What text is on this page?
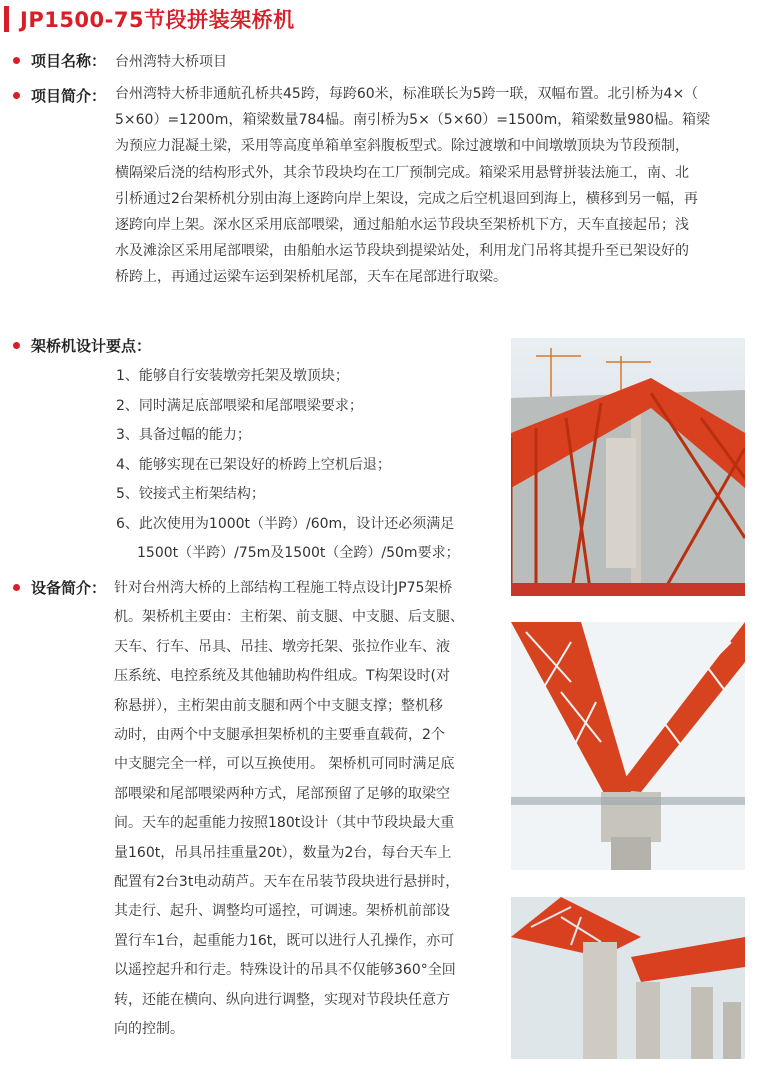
JP1500-75节段拼装架桥机
项目名称： 台州湾特大桥项目
项目简介： 台州湾特大桥非通航孔桥共45跨，每跨60米，标准联长为5跨一联，双幅布置。北引桥为4×（
5×60）=1200m，箱梁数量784榀。南引桥为5×（5×60）=1500m，箱梁数量980榀。箱梁
为预应力混凝土梁，采用等高度单箱单室斜腹板型式。除过渡墩和中间墩墩顶块为节段预制，
横隔梁后浇的结构形式外，其余节段块均在工厂预制完成。箱梁采用悬臂拼装法施工，南、北
引桥通过2台架桥机分别由海上逐跨向岸上架设，完成之后空机退回到海上，横移到另一幅，再
逐跨向岸上架。深水区采用底部喂梁，通过船舶水运节段块至架桥机下方，天车直接起吊；浅
水及滩涂区采用尾部喂梁，由船舶水运节段块到提梁站处，利用龙门吊将其提升至已架设好的
桥跨上，再通过运梁车运到架桥机尾部，天车在尾部进行取梁。
架桥机设计要点：
1、能够自行安装墩旁托架及墩顶块；
2、同时满足底部喂梁和尾部喂梁要求；
3、具备过幅的能力；
4、能够实现在已架设好的桥跨上空机后退；
5、铰接式主桁架结构；
6、此次使用为1000t（半跨）/60m，设计还必须满足
1500t（半跨）/75m及1500t（全跨）/50m要求；
设备简介： 针对台州湾大桥的上部结构工程施工特点设计JP75架桥
机。架桥机主要由：主桁架、前支腿、中支腿、后支腿、
天车、行车、吊具、吊挂、墩旁托架、张拉作业车、液
压系统、电控系统及其他辅助构件组成。T构架设时(对
称悬拼），主桁架由前支腿和两个中支腿支撑；整机移
动时，由两个中支腿承担架桥机的主要垂直载荷，2个
中支腿完全一样，可以互换使用。 架桥机可同时满足底
部喂梁和尾部喂梁两种方式，尾部预留了足够的取梁空
间。天车的起重能力按照180t设计（其中节段块最大重
量160t，吊具吊挂重量20t），数量为2台，每台天车上
配置有2台3t电动葫芦。天车在吊装节段块进行悬拼时，
其走行、起升、调整均可遥控，可调速。架桥机前部设
置行车1台，起重能力16t，既可以进行人孔操作，亦可
以遥控起升和行走。特殊设计的吊具不仅能够360°全回
转，还能在横向、纵向进行调整，实现对节段块任意方
向的控制。
